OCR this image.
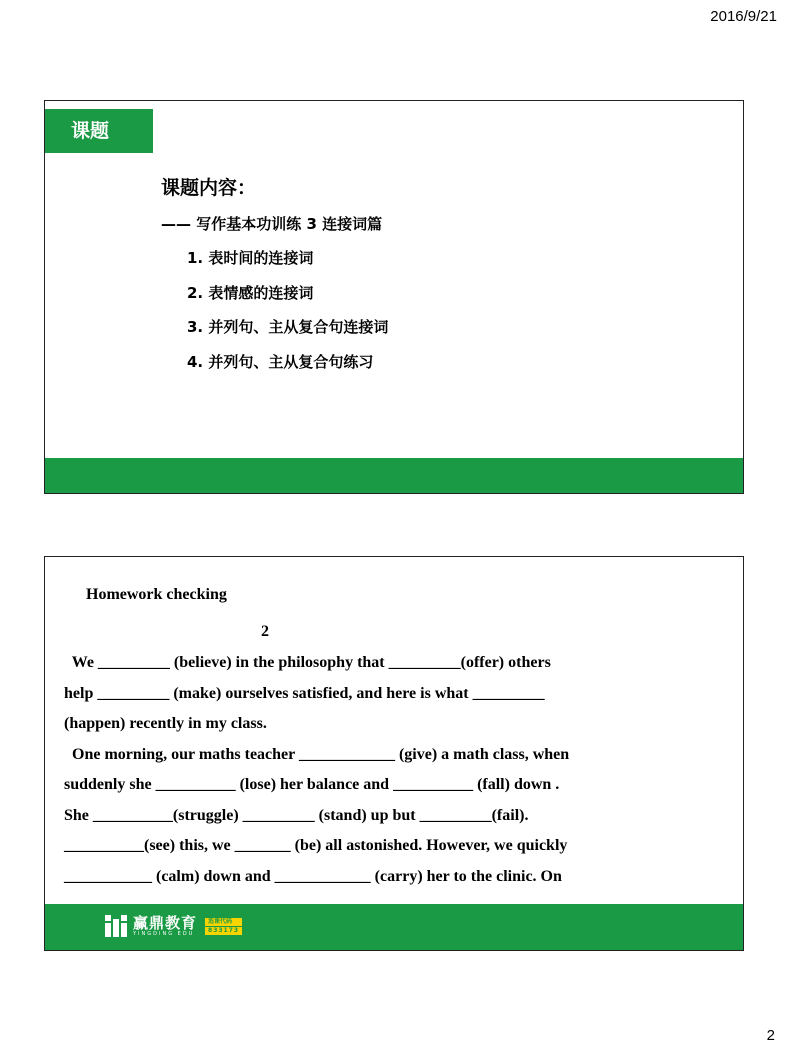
2016/9/21
课题
课题内容：
—— 写作基本功训练 3 连接词篇
1. 表时间的连接词
2. 表情感的连接词
3. 并列句、主从复合句连接词
4. 并列句、主从复合句练习
Homework checking
2
We _________ (believe) in the philosophy that _________(offer) others
help _________ (make) ourselves satisfied, and here is what _________
(happen) recently in my class.
One morning, our maths teacher ____________ (give) a math class, when
suddenly she __________ (lose) her balance and __________ (fall) down .
She __________(struggle) _________ (stand) up but _________(fail).
__________(see) this, we _______ (be) all astonished. However, we quickly
___________ (calm) down and ____________ (carry) her to the clinic. On
赢鼎教育
YINGDING EDU
选课代码
833173
2
